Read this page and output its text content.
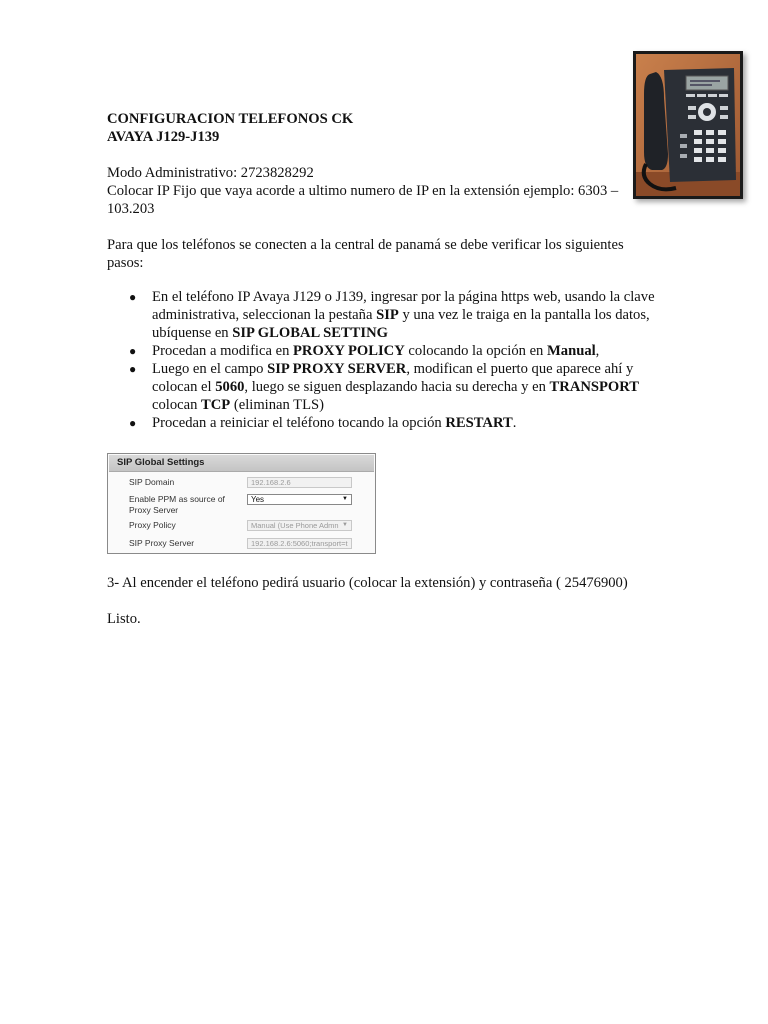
CONFIGURACION TELEFONOS CK
AVAYA J129-J139
Modo Administrativo: 2723828292
Colocar IP Fijo que vaya acorde a ultimo numero de IP en la extensión ejemplo: 6303 –
103.203
Para que los teléfonos se conecten a la central de panamá se debe verificar los siguientes pasos:
● En el teléfono IP Avaya J129 o J139, ingresar por la página https web, usando la clave administrativa, seleccionan la pestaña SIP y una vez le traiga en la pantalla los datos, ubíquense en SIP GLOBAL SETTING
● Procedan a modifica en PROXY POLICY colocando la opción en Manual,
● Luego en el campo SIP PROXY SERVER, modifican el puerto que aparece ahí y colocan el 5060, luego se siguen desplazando hacia su derecha y en TRANSPORT colocan TCP (eliminan TLS)
● Procedan a reiniciar el teléfono tocando la opción RESTART.
SIP Global Settings
SIP Domain	192.168.2.6
Enable PPM as source of Proxy Server
Yes	▼
Proxy Policy	Manual (Use Phone Admn ▼
SIP Proxy Server	192.168.2.6:5060;transport=t
3- Al encender el teléfono pedirá usuario (colocar la extensión) y contraseña ( 25476900)
Listo.
